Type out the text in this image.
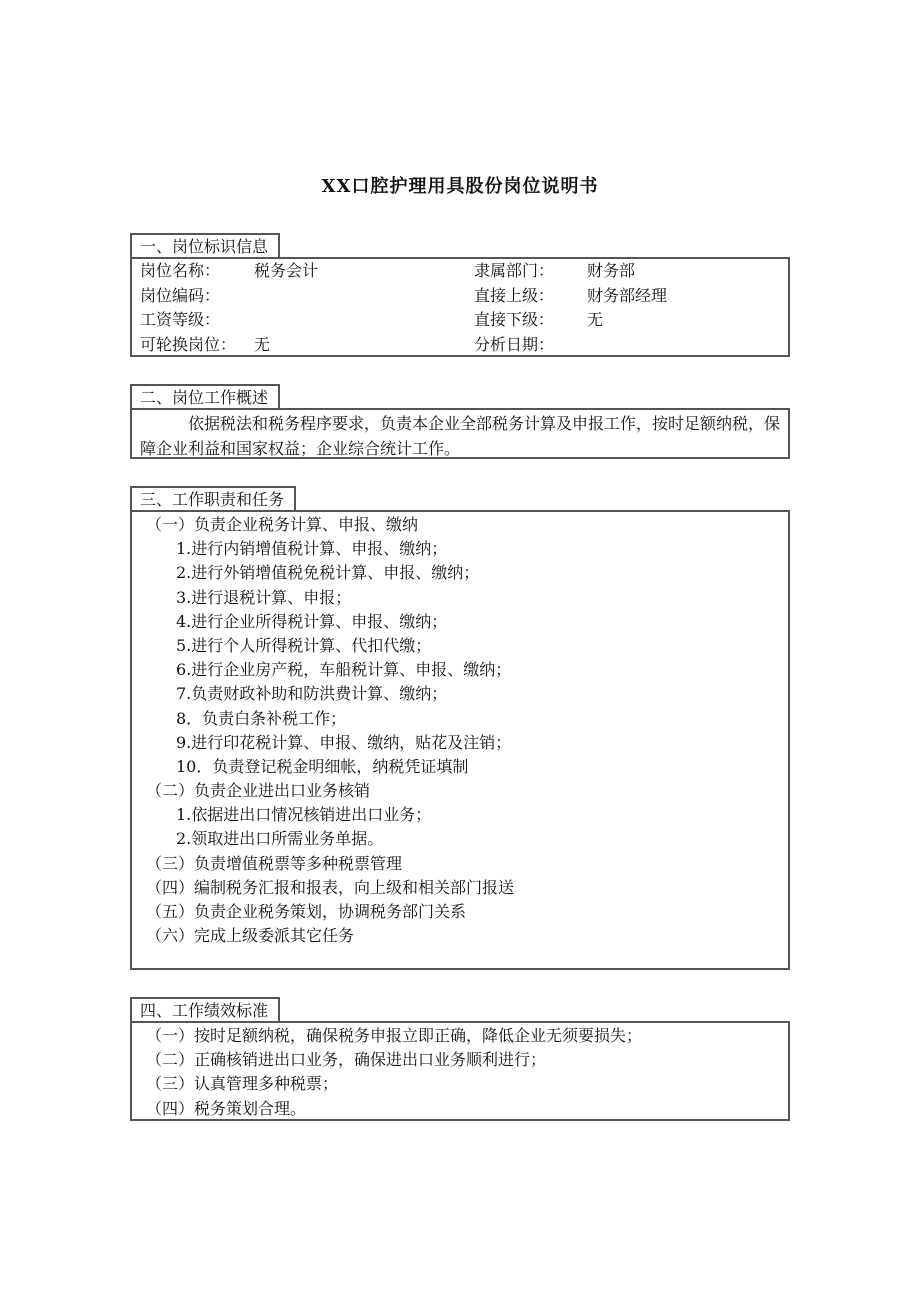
XX口腔护理用具股份岗位说明书
一、岗位标识信息
岗位名称： 税务会计	隶属部门： 财务部
岗位编码：	直接上级： 财务部经理
工资等级：	直接下级： 无
可轮换岗位： 无	分析日期：
二、岗位工作概述
依据税法和税务程序要求，负责本企业全部税务计算及申报工作，按时足额纳税，保障企业利益和国家权益；企业综合统计工作。
三、工作职责和任务
（一）负责企业税务计算、申报、缴纳
1.进行内销增值税计算、申报、缴纳；
2.进行外销增值税免税计算、申报、缴纳；
3.进行退税计算、申报；
4.进行企业所得税计算、申报、缴纳；
5.进行个人所得税计算、代扣代缴；
6.进行企业房产税，车船税计算、申报、缴纳；
7.负责财政补助和防洪费计算、缴纳；
8．负责白条补税工作；
9.进行印花税计算、申报、缴纳，贴花及注销；
10．负责登记税金明细帐，纳税凭证填制
（二）负责企业进出口业务核销
1.依据进出口情况核销进出口业务；
2.领取进出口所需业务单据。
（三）负责增值税票等多种税票管理
（四）编制税务汇报和报表，向上级和相关部门报送
（五）负责企业税务策划，协调税务部门关系
（六）完成上级委派其它任务
四、工作绩效标准
（一）按时足额纳税，确保税务申报立即正确，降低企业无须要损失；
（二）正确核销进出口业务，确保进出口业务顺利进行；
（三）认真管理多种税票；
（四）税务策划合理。
